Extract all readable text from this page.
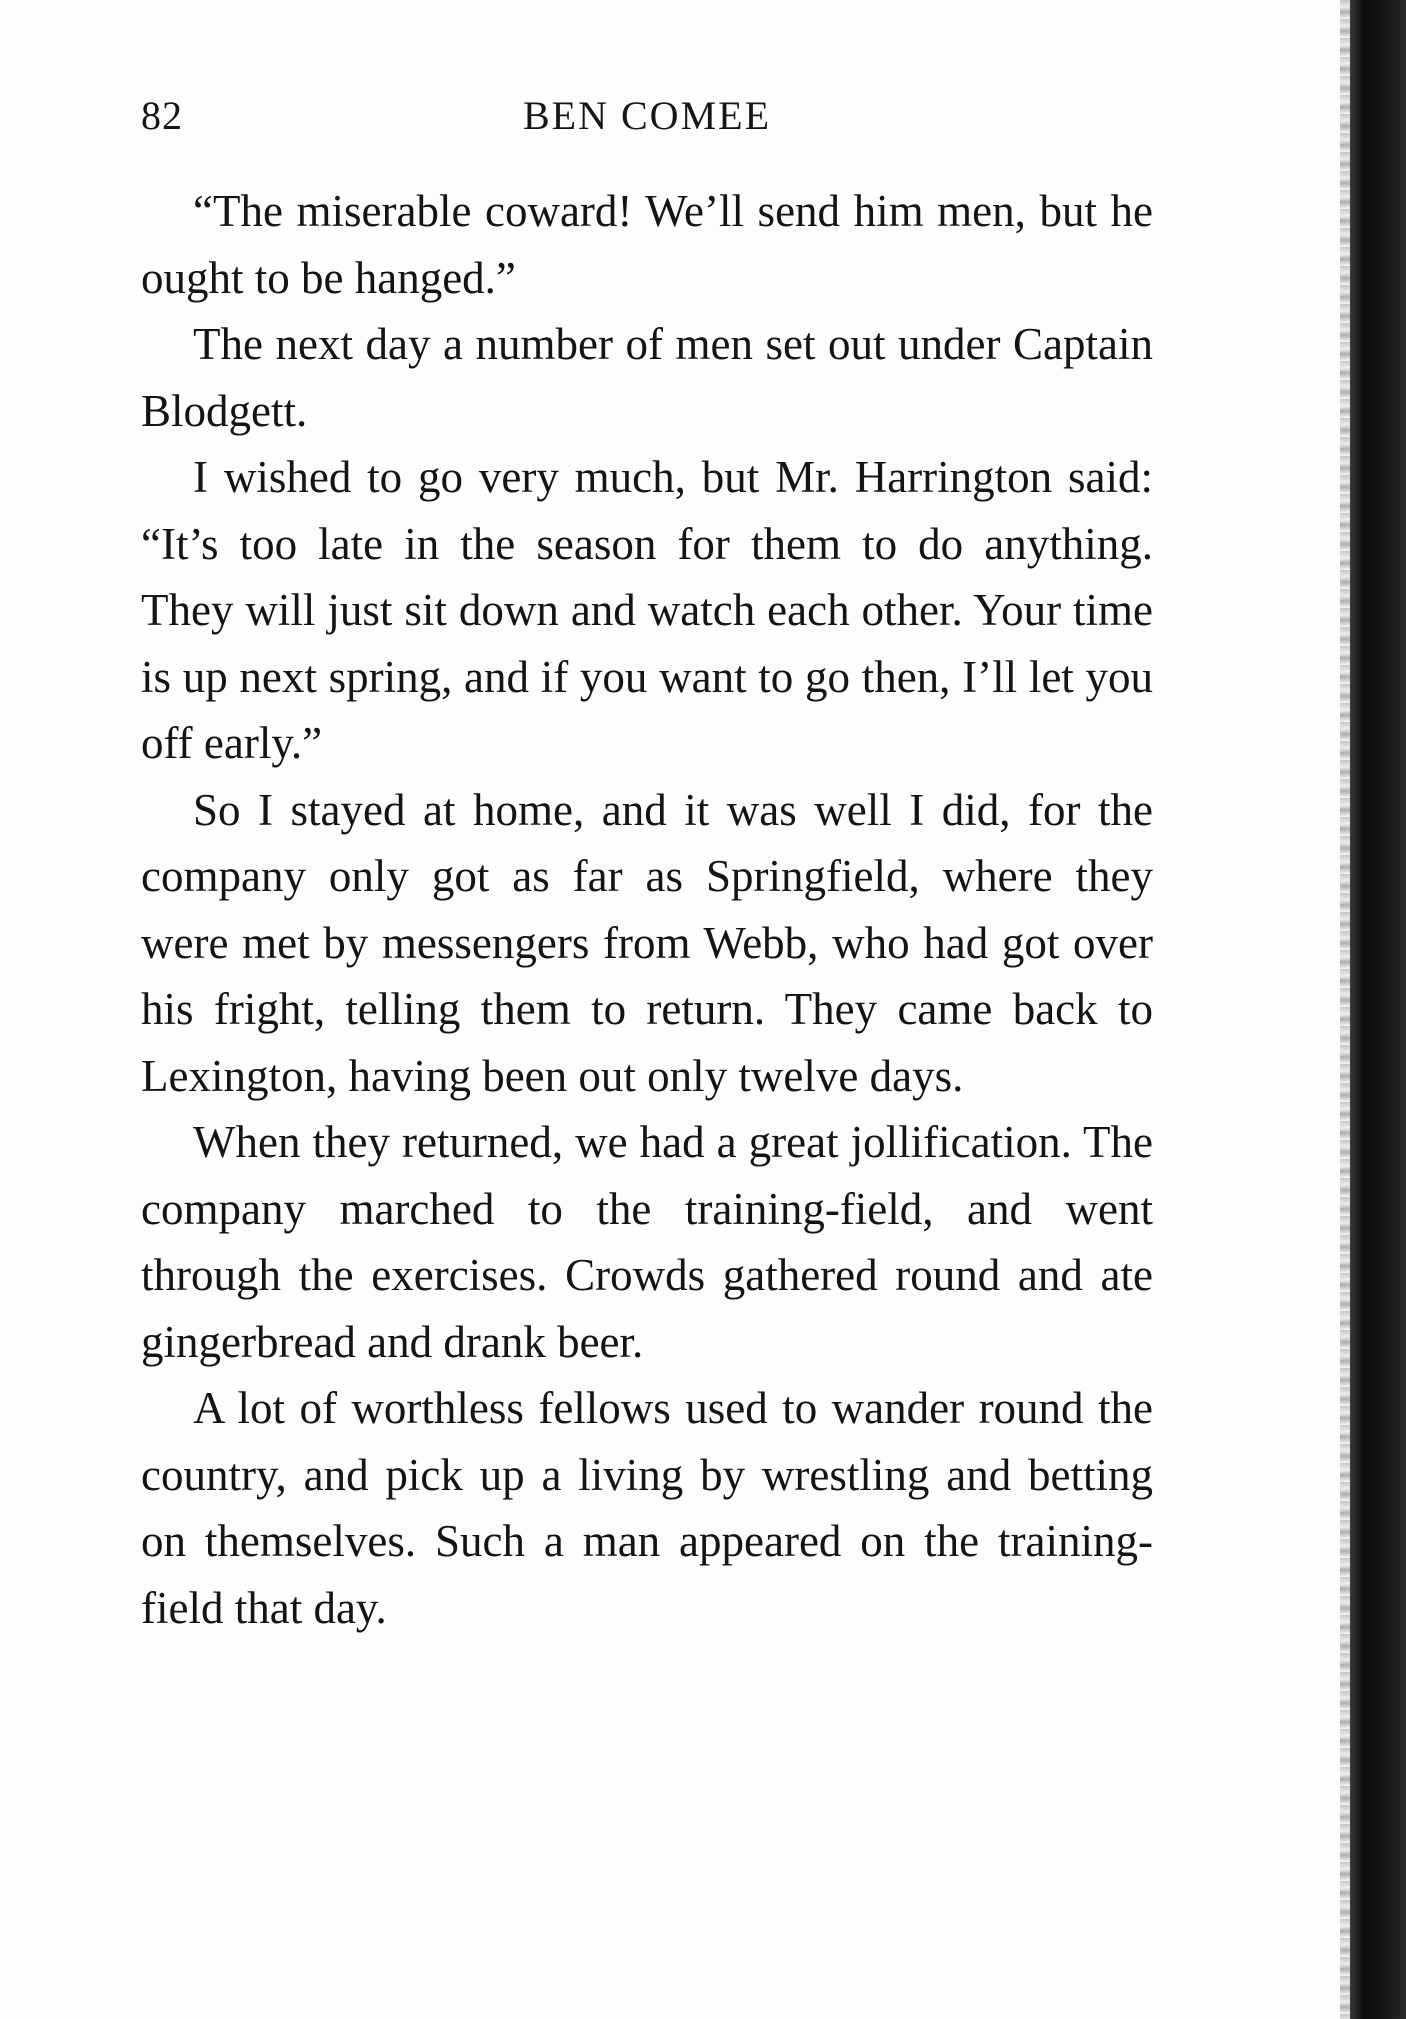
82	BEN COMEE

“The miserable coward! We’ll send him men, but he ought to be hanged.”

The next day a number of men set out under Captain Blodgett.

I wished to go very much, but Mr. Harrington said: “It’s too late in the season for them to do anything. They will just sit down and watch each other. Your time is up next spring, and if you want to go then, I’ll let you off early.”

So I stayed at home, and it was well I did, for the company only got as far as Springfield, where they were met by messengers from Webb, who had got over his fright, telling them to return. They came back to Lexington, having been out only twelve days.

When they returned, we had a great jollification. The company marched to the training-field, and went through the exercises. Crowds gathered round and ate gingerbread and drank beer.

A lot of worthless fellows used to wander round the country, and pick up a living by wrestling and betting on themselves. Such a man appeared on the training-field that day.
